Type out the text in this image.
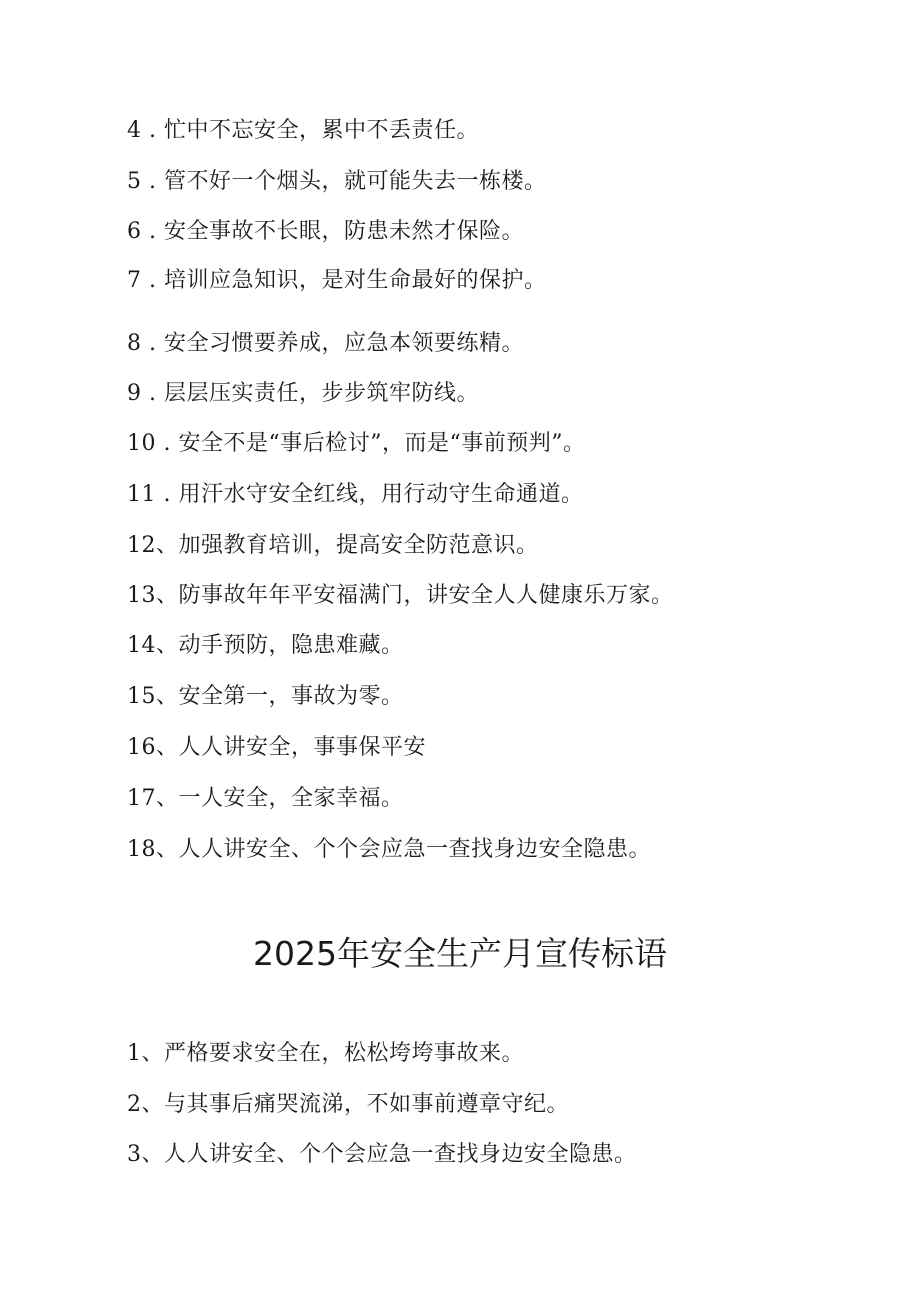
4 . 忙中不忘安全，累中不丢责任。
5 . 管不好一个烟头，就可能失去一栋楼。
6 . 安全事故不长眼，防患未然才保险。
7 . 培训应急知识，是对生命最好的保护。
8 . 安全习惯要养成，应急本领要练精。
9 . 层层压实责任，步步筑牢防线。
10 . 安全不是“事后检讨”，而是“事前预判”。
11 . 用汗水守安全红线，用行动守生命通道。
12、加强教育培训，提高安全防范意识。
13、防事故年年平安福满门，讲安全人人健康乐万家。
14、动手预防，隐患难藏。
15、安全第一，事故为零。
16、人人讲安全，事事保平安
17、一人安全，全家幸福。
18、人人讲安全、个个会应急一查找身边安全隐患。
2025年安全生产月宣传标语
1、严格要求安全在，松松垮垮事故来。
2、与其事后痛哭流涕，不如事前遵章守纪。
3、人人讲安全、个个会应急一查找身边安全隐患。
